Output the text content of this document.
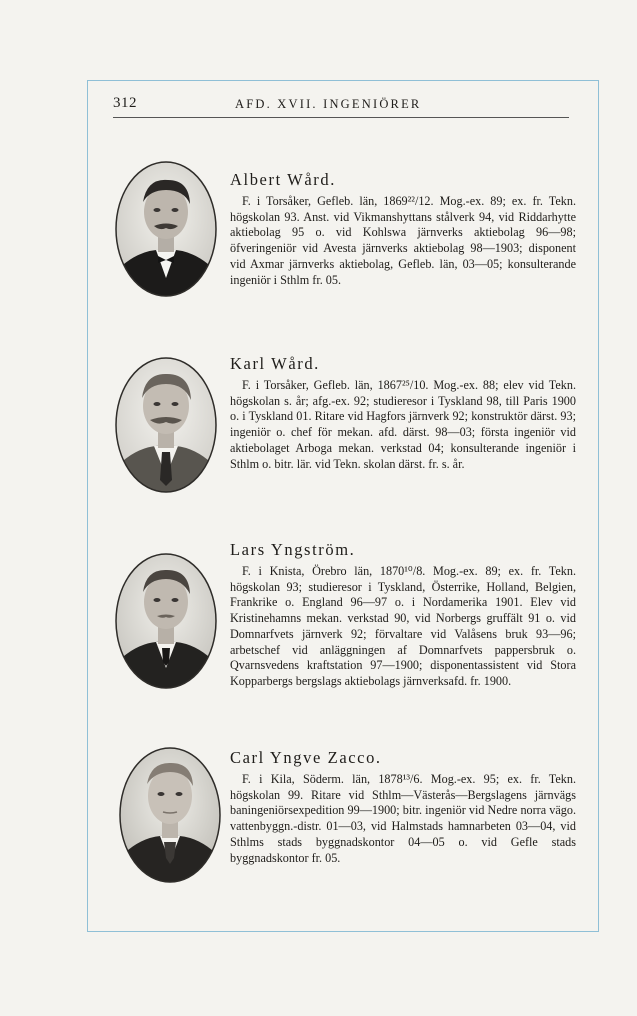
312	AFD. XVII. INGENIÖRER

Albert Wård.

F. i Torsåker, Gefleb. län, 1869²²/12. Mog.-ex. 89; ex. fr. Tekn. högskolan 93. Anst. vid Vikmanshyttans stålverk 94, vid Riddarhytte aktiebolag 95 o. vid Kohlswa järnverks aktiebolag 96—98; öfveringeniör vid Avesta järnverks aktiebolag 98—1903; disponent vid Axmar järnverks aktiebolag, Gefleb. län, 03—05; konsulterande ingeniör i Sthlm fr. 05.

Karl Wård.

F. i Torsåker, Gefleb. län, 1867²⁵/10. Mog.-ex. 88; elev vid Tekn. högskolan s. år; afg.-ex. 92; studieresor i Tyskland 98, till Paris 1900 o. i Tyskland 01. Ritare vid Hagfors järnverk 92; konstruktör därst. 93; ingeniör o. chef för mekan. afd. därst. 98—03; första ingeniör vid aktiebolaget Arboga mekan. verkstad 04; konsulterande ingeniör i Sthlm o. bitr. lär. vid Tekn. skolan därst. fr. s. år.

Lars Yngström.

F. i Knista, Örebro län, 1870¹⁰/8. Mog.-ex. 89; ex. fr. Tekn. högskolan 93; studieresor i Tyskland, Österrike, Holland, Belgien, Frankrike o. England 96—97 o. i Nordamerika 1901. Elev vid Kristinehamns mekan. verkstad 90, vid Norbergs gruffält 91 o. vid Domnarfvets järnverk 92; förvaltare vid Valåsens bruk 93—96; arbetschef vid anläggningen af Domnarfvets pappersbruk o. Qvarnsvedens kraftstation 97—1900; disponentassistent vid Stora Kopparbergs bergslags aktiebolags järnverksafd. fr. 1900.

Carl Yngve Zacco.

F. i Kila, Söderm. län, 1878¹³/6. Mog.-ex. 95; ex. fr. Tekn. högskolan 99. Ritare vid Sthlm—Västerås—Bergslagens järnvägs baningeniörsexpedition 99—1900; bitr. ingeniör vid Nedre norra vägo. vattenbyggn.-distr. 01—03, vid Halmstads hamnarbeten 03—04, vid Sthlms stads byggnadskontor 04—05 o. vid Gefle stads byggnadskontor fr. 05.
